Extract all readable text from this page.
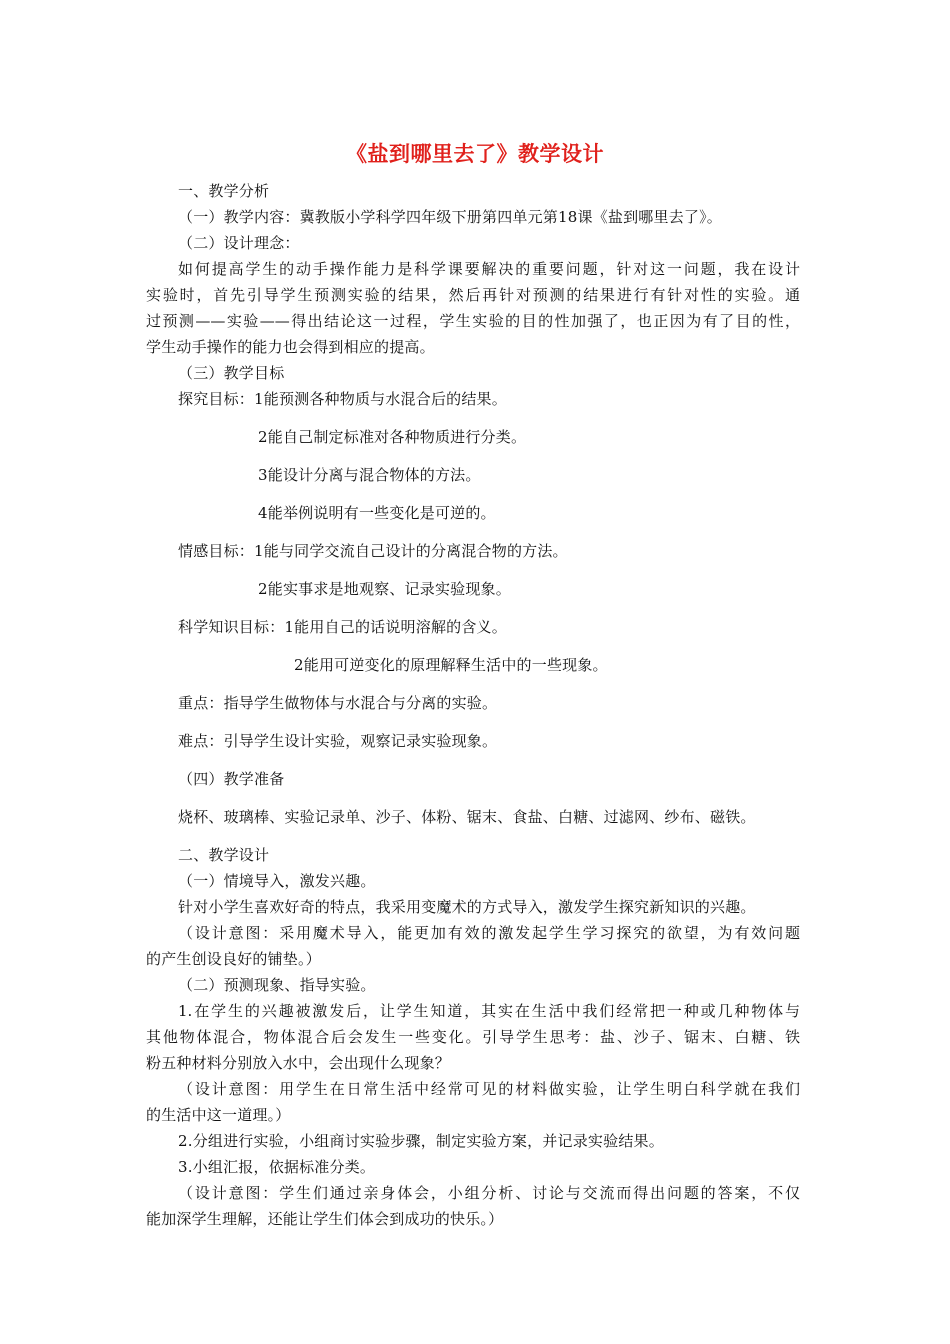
《盐到哪里去了》教学设计
一、教学分析
（一）教学内容：冀教版小学科学四年级下册第四单元第18课《盐到哪里去了》。
（二）设计理念：
如何提高学生的动手操作能力是科学课要解决的重要问题，针对这一问题，我在设计
实验时，首先引导学生预测实验的结果，然后再针对预测的结果进行有针对性的实验。通
过预测——实验——得出结论这一过程，学生实验的目的性加强了，也正因为有了目的性，
学生动手操作的能力也会得到相应的提高。
（三）教学目标
探究目标：1能预测各种物质与水混合后的结果。
2能自己制定标准对各种物质进行分类。
3能设计分离与混合物体的方法。
4能举例说明有一些变化是可逆的。
情感目标：1能与同学交流自己设计的分离混合物的方法。
2能实事求是地观察、记录实验现象。
科学知识目标：1能用自己的话说明溶解的含义。
2能用可逆变化的原理解释生活中的一些现象。
重点：指导学生做物体与水混合与分离的实验。
难点：引导学生设计实验，观察记录实验现象。
（四）教学准备
烧杯、玻璃棒、实验记录单、沙子、体粉、锯末、食盐、白糖、过滤网、纱布、磁铁。
二、教学设计
（一）情境导入，激发兴趣。
针对小学生喜欢好奇的特点，我采用变魔术的方式导入，激发学生探究新知识的兴趣。
（设计意图：采用魔术导入，能更加有效的激发起学生学习探究的欲望，为有效问题
的产生创设良好的铺垫。）
（二）预测现象、指导实验。
1.在学生的兴趣被激发后，让学生知道，其实在生活中我们经常把一种或几种物体与
其他物体混合，物体混合后会发生一些变化。引导学生思考：盐、沙子、锯末、白糖、铁
粉五种材料分别放入水中，会出现什么现象？
（设计意图：用学生在日常生活中经常可见的材料做实验，让学生明白科学就在我们
的生活中这一道理。）
2.分组进行实验，小组商讨实验步骤，制定实验方案，并记录实验结果。
3.小组汇报，依据标准分类。
（设计意图：学生们通过亲身体会，小组分析、讨论与交流而得出问题的答案，不仅
能加深学生理解，还能让学生们体会到成功的快乐。）
